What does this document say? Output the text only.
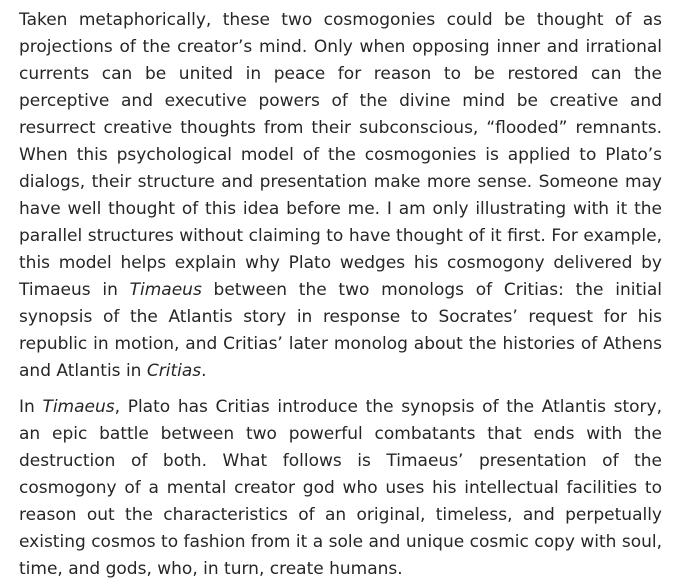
Taken metaphorically, these two cosmogonies could be thought of as projections of the creator’s mind. Only when opposing inner and irrational currents can be united in peace for reason to be restored can the perceptive and executive powers of the divine mind be creative and resurrect creative thoughts from their subconscious, “flooded” remnants. When this psychological model of the cosmogonies is applied to Plato’s dialogs, their structure and presentation make more sense. Someone may have well thought of this idea before me. I am only illustrating with it the parallel structures without claiming to have thought of it first. For example, this model helps explain why Plato wedges his cosmogony delivered by Timaeus in Timaeus between the two monologs of Critias: the initial synopsis of the Atlantis story in response to Socrates’ request for his republic in motion, and Critias’ later monolog about the histories of Athens and Atlantis in Critias.

In Timaeus, Plato has Critias introduce the synopsis of the Atlantis story, an epic battle between two powerful combatants that ends with the destruction of both. What follows is Timaeus’ presentation of the cosmogony of a mental creator god who uses his intellectual facilities to reason out the characteristics of an original, timeless, and perpetually existing cosmos to fashion from it a sole and unique cosmic copy with soul, time, and gods, who, in turn, create humans.
